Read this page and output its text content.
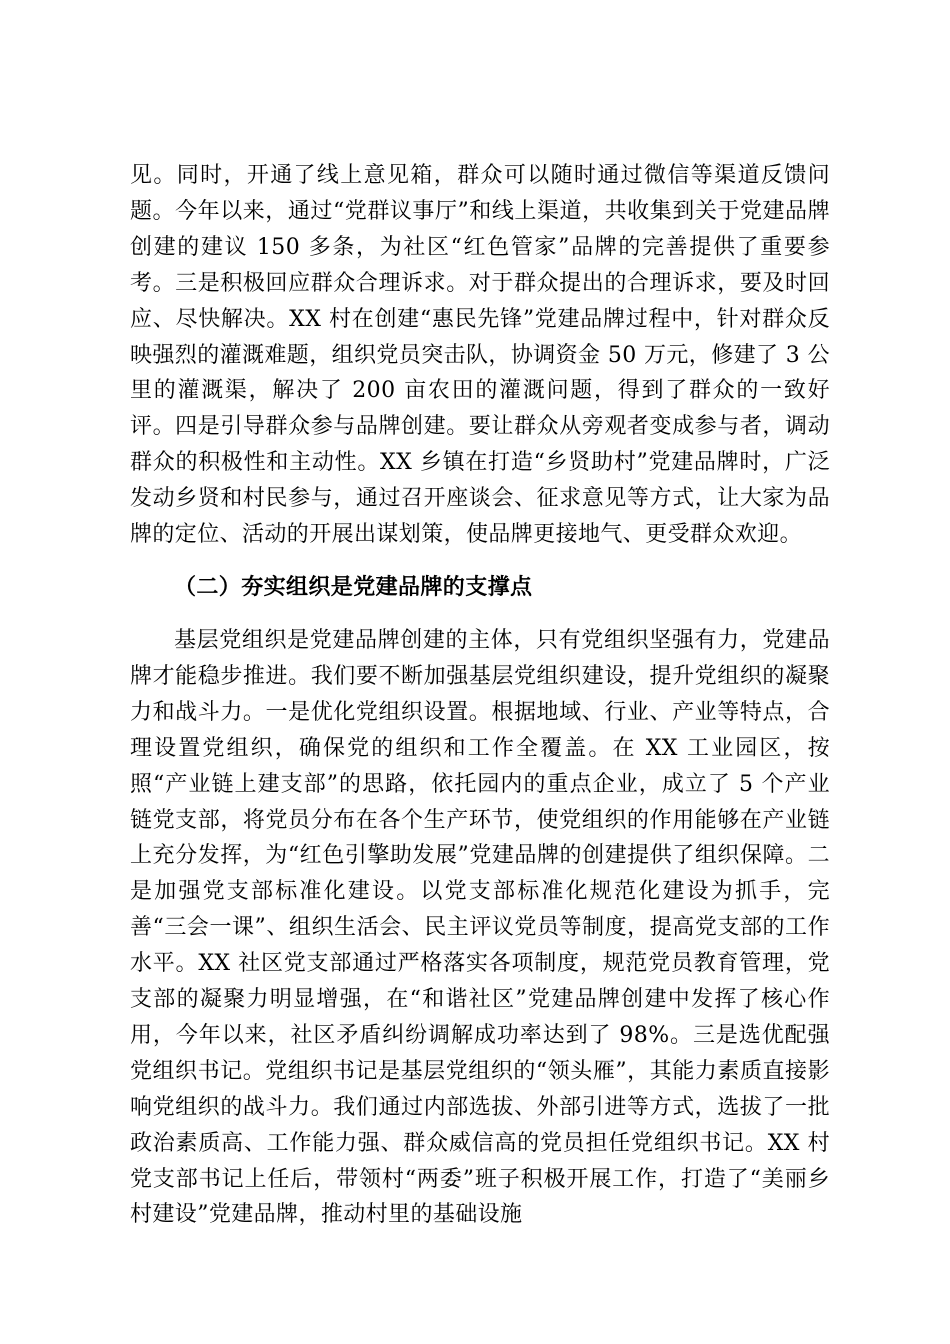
见。同时，开通了线上意见箱，群众可以随时通过微信等渠道反馈问题。今年以来，通过“党群议事厅”和线上渠道，共收集到关于党建品牌创建的建议 150 多条，为社区“红色管家”品牌的完善提供了重要参考。三是积极回应群众合理诉求。对于群众提出的合理诉求，要及时回应、尽快解决。XX 村在创建“惠民先锋”党建品牌过程中，针对群众反映强烈的灌溉难题，组织党员突击队，协调资金 50 万元，修建了 3 公里的灌溉渠，解决了 200 亩农田的灌溉问题，得到了群众的一致好评。四是引导群众参与品牌创建。要让群众从旁观者变成参与者，调动群众的积极性和主动性。XX 乡镇在打造“乡贤助村”党建品牌时，广泛发动乡贤和村民参与，通过召开座谈会、征求意见等方式，让大家为品牌的定位、活动的开展出谋划策，使品牌更接地气、更受群众欢迎。

（二）夯实组织是党建品牌的支撑点

基层党组织是党建品牌创建的主体，只有党组织坚强有力，党建品牌才能稳步推进。我们要不断加强基层党组织建设，提升党组织的凝聚力和战斗力。一是优化党组织设置。根据地域、行业、产业等特点，合理设置党组织，确保党的组织和工作全覆盖。在 XX 工业园区，按照“产业链上建支部”的思路，依托园内的重点企业，成立了 5 个产业链党支部，将党员分布在各个生产环节，使党组织的作用能够在产业链上充分发挥，为“红色引擎助发展”党建品牌的创建提供了组织保障。二是加强党支部标准化建设。以党支部标准化规范化建设为抓手，完善“三会一课”、组织生活会、民主评议党员等制度，提高党支部的工作水平。XX 社区党支部通过严格落实各项制度，规范党员教育管理，党支部的凝聚力明显增强，在“和谐社区”党建品牌创建中发挥了核心作用，今年以来，社区矛盾纠纷调解成功率达到了 98%。三是选优配强党组织书记。党组织书记是基层党组织的“领头雁”，其能力素质直接影响党组织的战斗力。我们通过内部选拔、外部引进等方式，选拔了一批政治素质高、工作能力强、群众威信高的党员担任党组织书记。XX 村党支部书记上任后，带领村“两委”班子积极开展工作，打造了“美丽乡村建设”党建品牌，推动村里的基础设施
